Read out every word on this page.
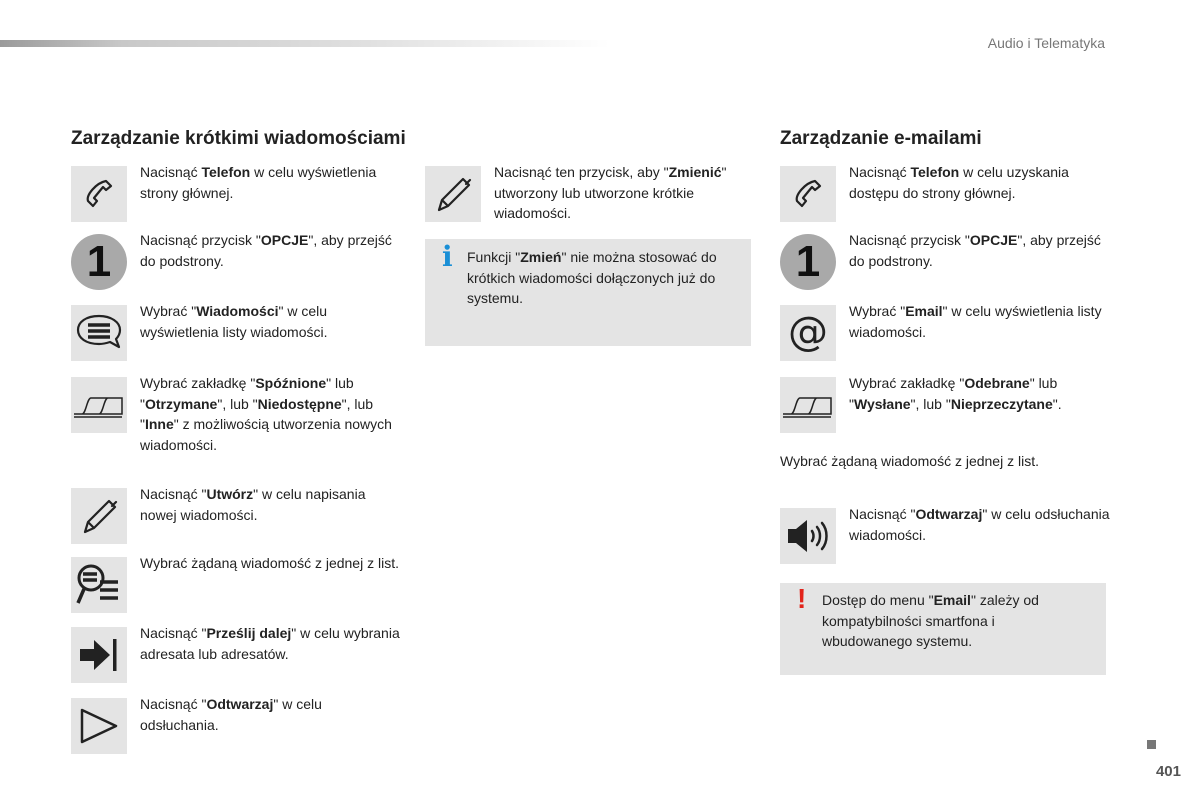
Audio i Telematyka
Zarządzanie krótkimi wiadomościami	Zarządzanie e-mailami
Nacisnąć Telefon w celu wyświetlenia strony głównej.
1	Nacisnąć przycisk "OPCJE", aby przejść do podstrony.
Wybrać "Wiadomości" w celu wyświetlenia listy wiadomości.
Wybrać zakładkę "Spóźnione" lub "Otrzymane", lub "Niedostępne", lub "Inne" z możliwością utworzenia nowych wiadomości.
Nacisnąć "Utwórz" w celu napisania nowej wiadomości.
Wybrać żądaną wiadomość z jednej z list.
Nacisnąć "Prześlij dalej" w celu wybrania adresata lub adresatów.
Nacisnąć "Odtwarzaj" w celu odsłuchania.
Nacisnąć ten przycisk, aby "Zmienić" utworzony lub utworzone krótkie wiadomości.
Nacisnąć Telefon w celu uzyskania dostępu do strony głównej.
1	Nacisnąć przycisk "OPCJE", aby przejść do podstrony.
@ Wybrać "Email" w celu wyświetlenia listy wiadomości.
Wybrać zakładkę "Odebrane" lub "Wysłane", lub "Nieprzeczytane".
Nacisnąć "Odtwarzaj" w celu odsłuchania wiadomości.
i Funkcji "Zmień" nie można stosować do krótkich wiadomości dołączonych już do systemu.
Wybrać żądaną wiadomość z jednej z list.
! Dostęp do menu "Email" zależy od kompatybilności smartfona i wbudowanego systemu.
401
